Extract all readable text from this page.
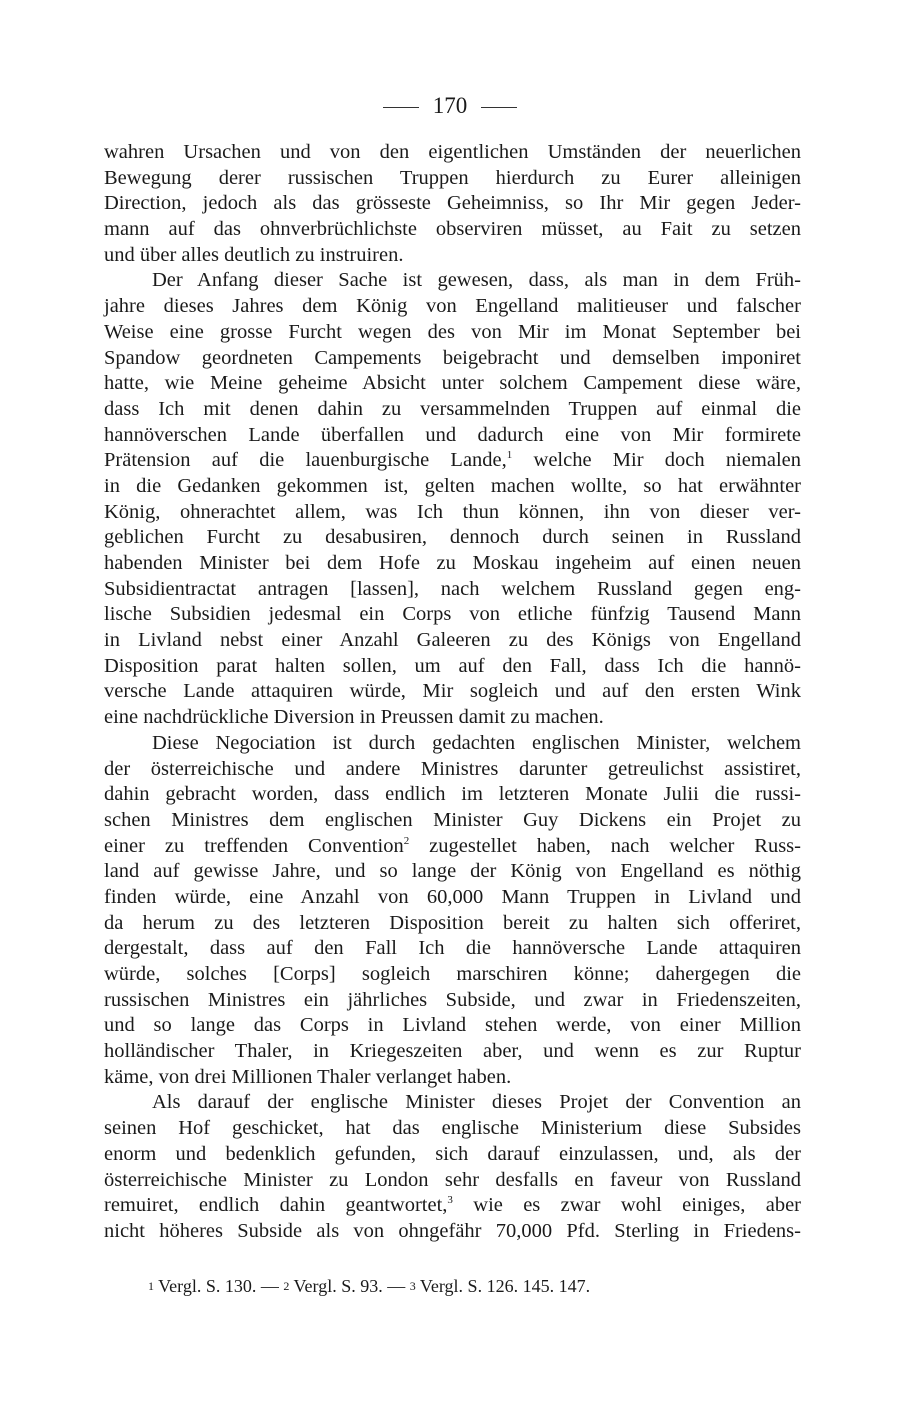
170
wahren Ursachen und von den eigentlichen Umständen der neuerlichen
Bewegung derer russischen Truppen hierdurch zu Eurer alleinigen
Direction, jedoch als das grösseste Geheimniss, so Ihr Mir gegen Jeder-
mann auf das ohnverbrüchlichste observiren müsset, au Fait zu setzen
und über alles deutlich zu instruiren.
Der Anfang dieser Sache ist gewesen, dass, als man in dem Früh-
jahre dieses Jahres dem König von Engelland malitieuser und falscher
Weise eine grosse Furcht wegen des von Mir im Monat September bei
Spandow geordneten Campements beigebracht und demselben imponiret
hatte, wie Meine geheime Absicht unter solchem Campement diese wäre,
dass Ich mit denen dahin zu versammelnden Truppen auf einmal die
hannöverschen Lande überfallen und dadurch eine von Mir formirete
Prätension auf die lauenburgische Lande,$^1$ welche Mir doch niemalen
in die Gedanken gekommen ist, gelten machen wollte, so hat erwähnter
König, ohnerachtet allem, was Ich thun können, ihn von dieser ver-
geblichen Furcht zu desabusiren, dennoch durch seinen in Russland
habenden Minister bei dem Hofe zu Moskau ingeheim auf einen neuen
Subsidientractat antragen [lassen], nach welchem Russland gegen eng-
lische Subsidien jedesmal ein Corps von etliche fünfzig Tausend Mann
in Livland nebst einer Anzahl Galeeren zu des Königs von Engelland
Disposition parat halten sollen, um auf den Fall, dass Ich die hannö-
versche Lande attaquiren würde, Mir sogleich und auf den ersten Wink
eine nachdrückliche Diversion in Preussen damit zu machen.
Diese Negociation ist durch gedachten englischen Minister, welchem
der österreichische und andere Ministres darunter getreulichst assistiret,
dahin gebracht worden, dass endlich im letzteren Monate Julii die russi-
schen Ministres dem englischen Minister Guy Dickens ein Projet zu
einer zu treffenden Convention$^2$ zugestellet haben, nach welcher Russ-
land auf gewisse Jahre, und so lange der König von Engelland es nöthig
finden würde, eine Anzahl von 60,000 Mann Truppen in Livland und
da herum zu des letzteren Disposition bereit zu halten sich offeriret,
dergestalt, dass auf den Fall Ich die hannöversche Lande attaquiren
würde, solches [Corps] sogleich marschiren könne; dahergegen die
russischen Ministres ein jährliches Subside, und zwar in Friedenszeiten,
und so lange das Corps in Livland stehen werde, von einer Million
holländischer Thaler, in Kriegeszeiten aber, und wenn es zur Ruptur
käme, von drei Millionen Thaler verlanget haben.
Als darauf der englische Minister dieses Projet der Convention an
seinen Hof geschicket, hat das englische Ministerium diese Subsides
enorm und bedenklich gefunden, sich darauf einzulassen, und, als der
österreichische Minister zu London sehr desfalls en faveur von Russland
remuiret, endlich dahin geantwortet,$^3$ wie es zwar wohl einiges, aber
nicht höheres Subside als von ohngefähr 70,000 Pfd. Sterling in Friedens-
1 Vergl. S. 130. — 2 Vergl. S. 93. — 3 Vergl. S. 126. 145. 147.
